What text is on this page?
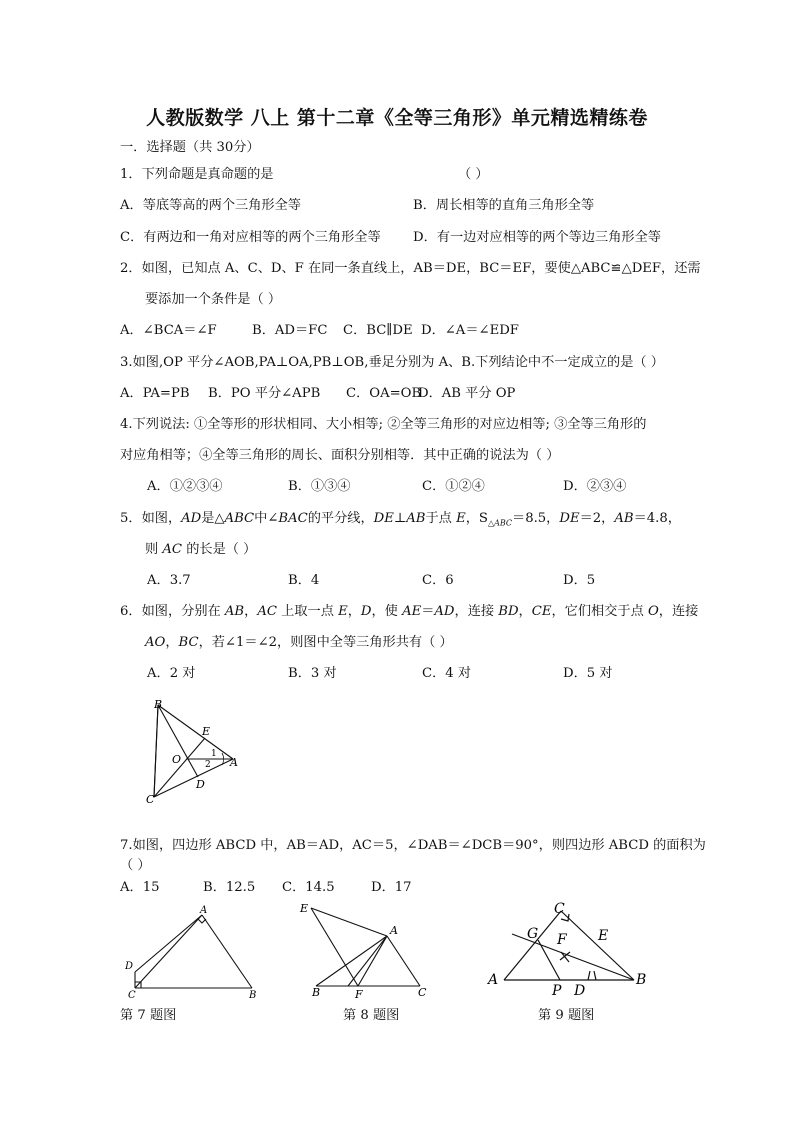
人教版数学 八上 第十二章《全等三角形》单元精选精练卷
一．选择题（共 30分）
1．下列命题是真命题的是	（ ）
A．等底等高的两个三角形全等	B．周长相等的直角三角形全等
C．有两边和一角对应相等的两个三角形全等 D．有一边对应相等的两个等边三角形全等
2．如图，已知点 A、C、D、F 在同一条直线上，AB＝DE，BC＝EF，要使△ABC≌△DEF，还需
要添加一个条件是（ ）
A．∠BCA＝∠F	B．AD＝FC C．BC∥DE D．∠A＝∠EDF
3.如图,OP 平分∠AOB,PA⊥OA,PB⊥OB,垂足分别为 A、B.下列结论中不一定成立的是（ ）
A．PA=PB B．PO 平分∠APB C．OA=OB
D．AB 平分 OP
4.下列说法: ①全等形的形状相同、大小相等; ②全等三角形的对应边相等; ③全等三角形的
对应角相等；④全等三角形的周长、面积分别相等．其中正确的说法为（ ）
A．①②③④	B．①③④	C．①②④	D．②③④
5．如图，AD是△ABC中∠BAC的平分线，DE⊥AB于点 E，$S_{\triangle ABC}=8.5$，DE＝2，AB＝4.8，
则 AC 的长是（ ）
A．3.7	B．4	C．6	D．5
6．如图，分别在 AB，AC 上取一点 E，D，使 AE＝AD，连接 BD，CE，它们相交于点 O，连接
AO，BC，若∠1＝∠2，则图中全等三角形共有（ ）
A．2 对	B．3 对	C．4 对	D．5 对
B
E
O	1
2 A
D
C
7.如图，四边形 ABCD 中，AB＝AD，AC＝5，∠DAB＝∠DCB＝90°，则四边形 ABCD 的面积为
（ ）
A．15	B．12.5 C．14.5	D．17
A
D
C	B
E
A
B	F	C
C
G F E
A
P D
B
第 7 题图	第 8 题图	第 9 题图
